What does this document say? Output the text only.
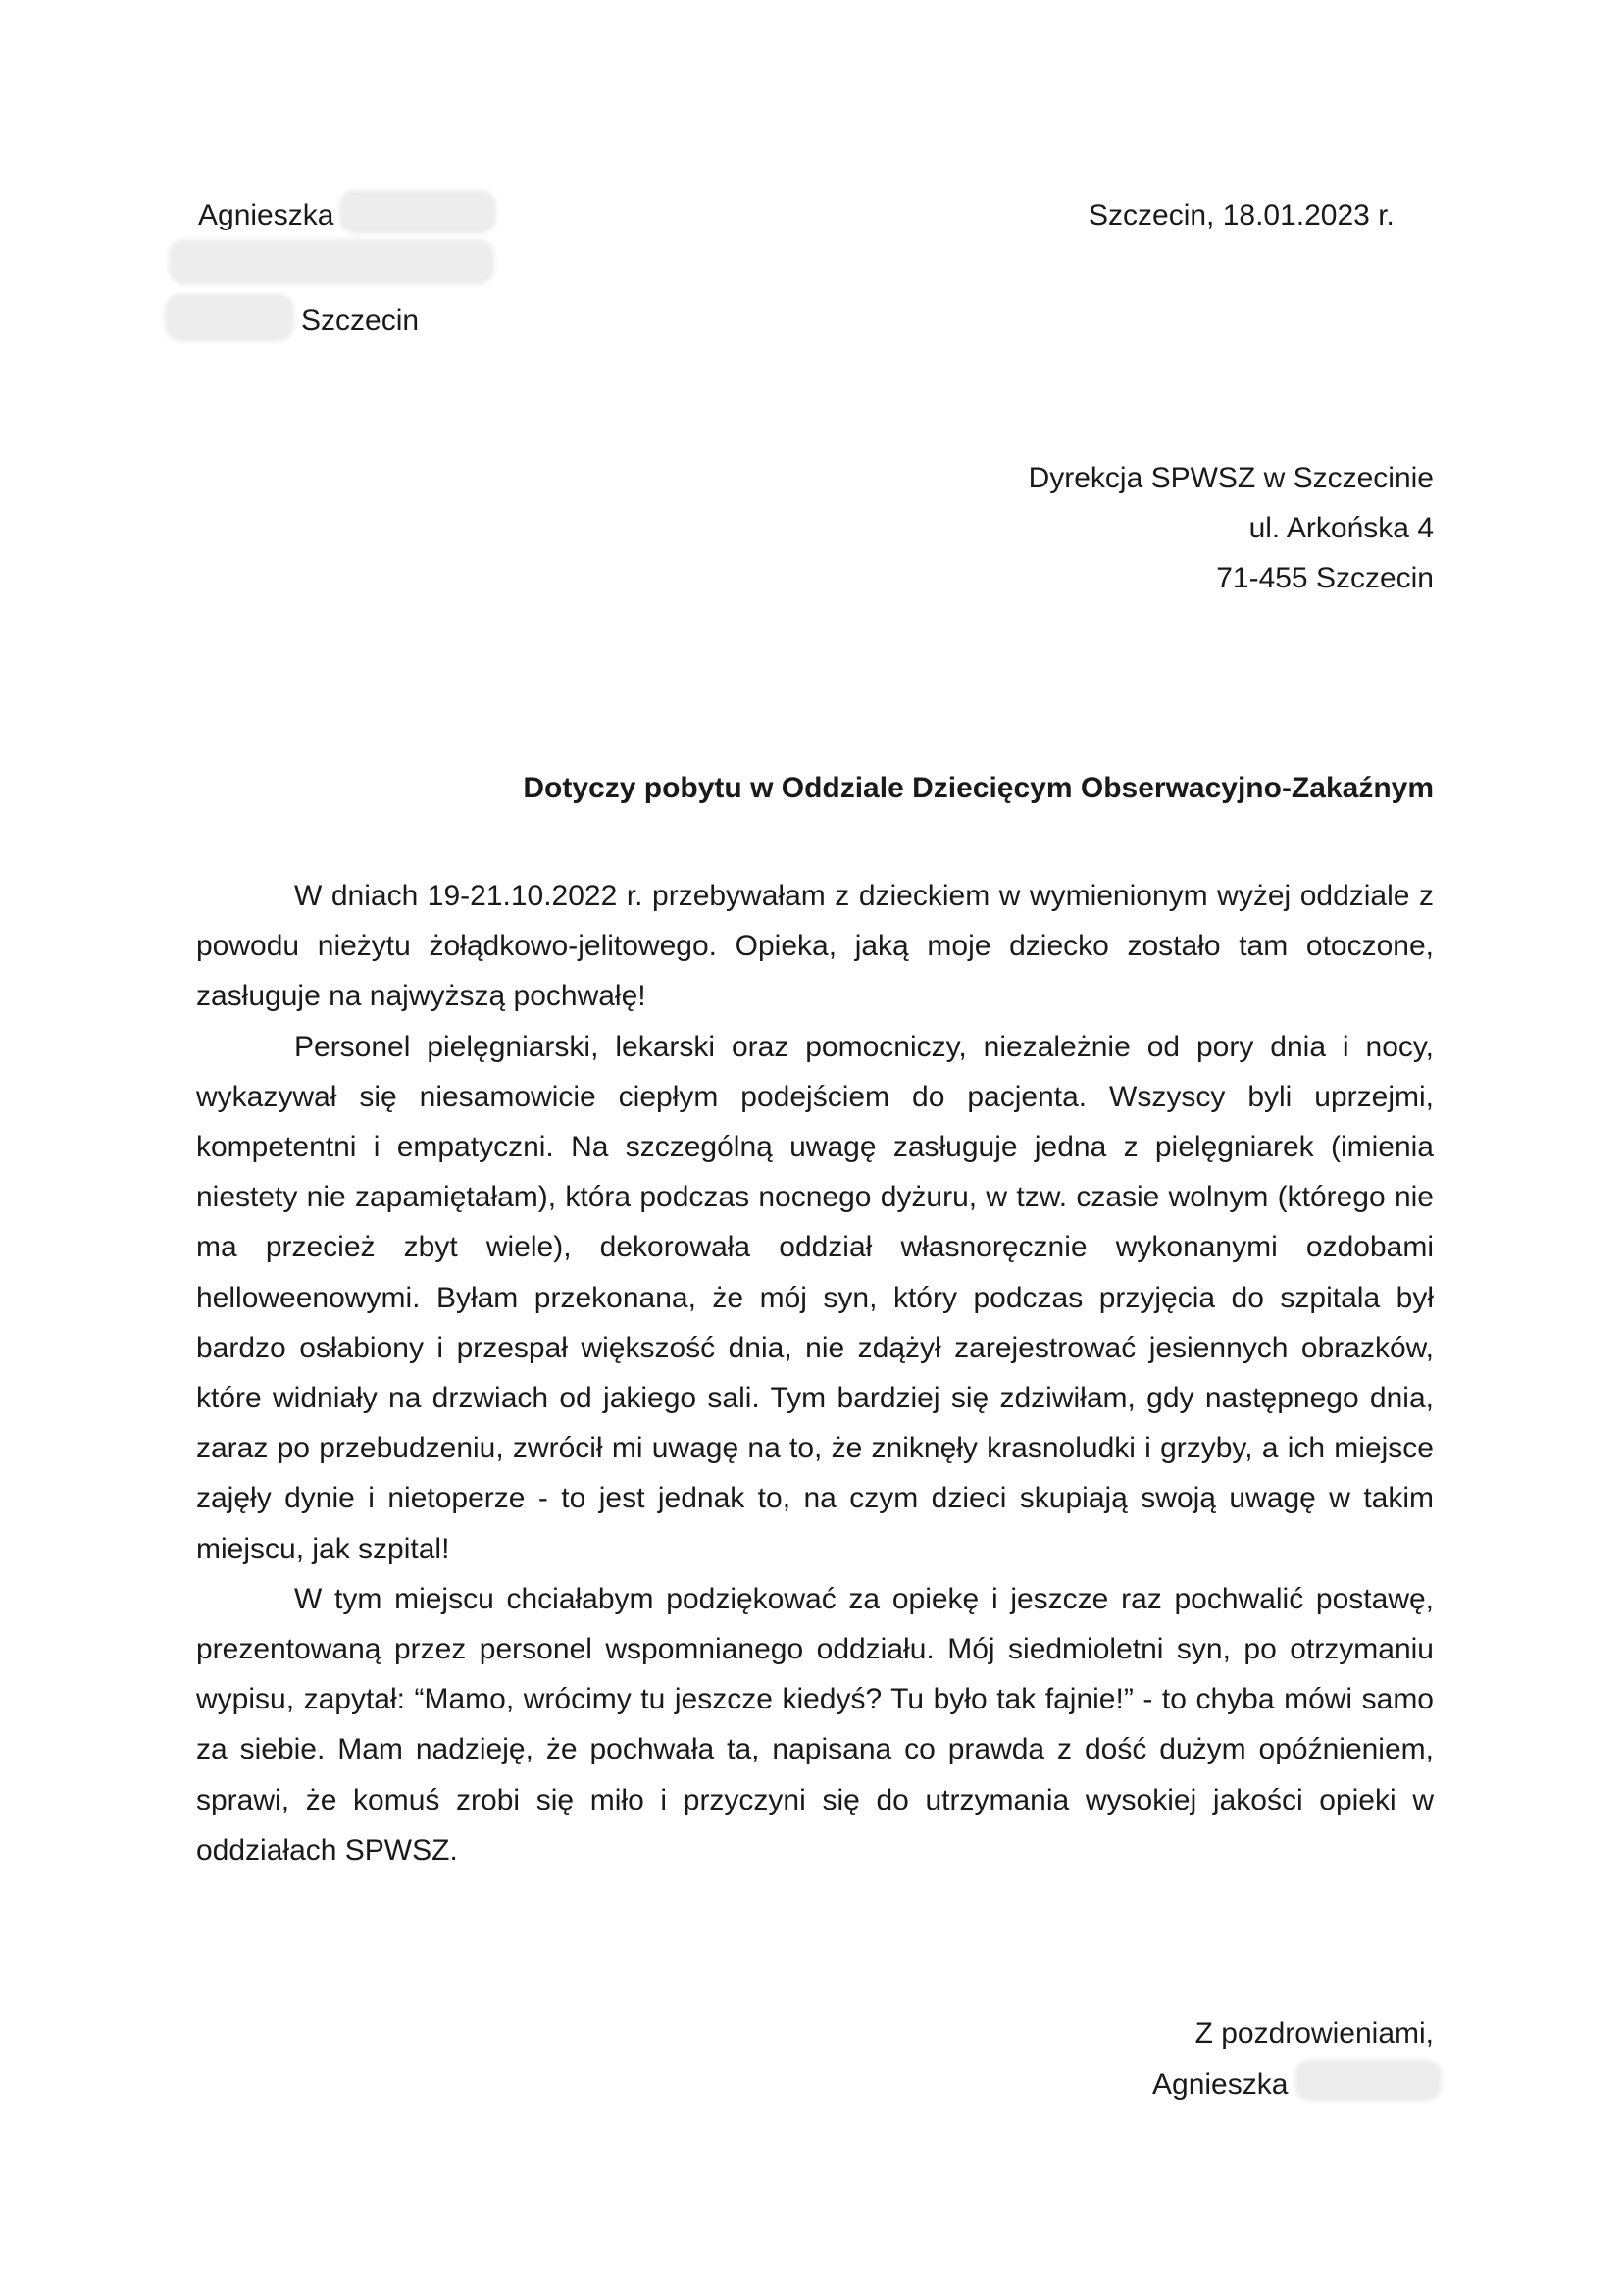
Agnieszka
Szczecin
Szczecin, 18.01.2023 r.
Dyrekcja SPWSZ w Szczecinie
ul. Arkońska 4
71-455 Szczecin
Dotyczy pobytu w Oddziale Dziecięcym Obserwacyjno-Zakaźnym

W dniach 19-21.10.2022 r. przebywałam z dzieckiem w wymienionym wyżej oddziale z powodu nieżytu żołądkowo-jelitowego. Opieka, jaką moje dziecko zostało tam otoczone, zasługuje na najwyższą pochwałę!

Personel pielęgniarski, lekarski oraz pomocniczy, niezależnie od pory dnia i nocy, wykazywał się niesamowicie ciepłym podejściem do pacjenta. Wszyscy byli uprzejmi, kompetentni i empatyczni. Na szczególną uwagę zasługuje jedna z pielęgniarek (imienia niestety nie zapamiętałam), która podczas nocnego dyżuru, w tzw. czasie wolnym (którego nie ma przecież zbyt wiele), dekorowała oddział własnoręcznie wykonanymi ozdobami helloweenowymi. Byłam przekonana, że mój syn, który podczas przyjęcia do szpitala był bardzo osłabiony i przespał większość dnia, nie zdążył zarejestrować jesiennych obrazków, które widniały na drzwiach od jakiego sali. Tym bardziej się zdziwiłam, gdy następnego dnia, zaraz po przebudzeniu, zwrócił mi uwagę na to, że zniknęły krasnoludki i grzyby, a ich miejsce zajęły dynie i nietoperze - to jest jednak to, na czym dzieci skupiają swoją uwagę w takim miejscu, jak szpital!

W tym miejscu chciałabym podziękować za opiekę i jeszcze raz pochwalić postawę, prezentowaną przez personel wspomnianego oddziału. Mój siedmioletni syn, po otrzymaniu wypisu, zapytał: “Mamo, wrócimy tu jeszcze kiedyś? Tu było tak fajnie!” - to chyba mówi samo za siebie. Mam nadzieję, że pochwała ta, napisana co prawda z dość dużym opóźnieniem, sprawi, że komuś zrobi się miło i przyczyni się do utrzymania wysokiej jakości opieki w oddziałach SPWSZ.

Z pozdrowieniami,
Agnieszka
